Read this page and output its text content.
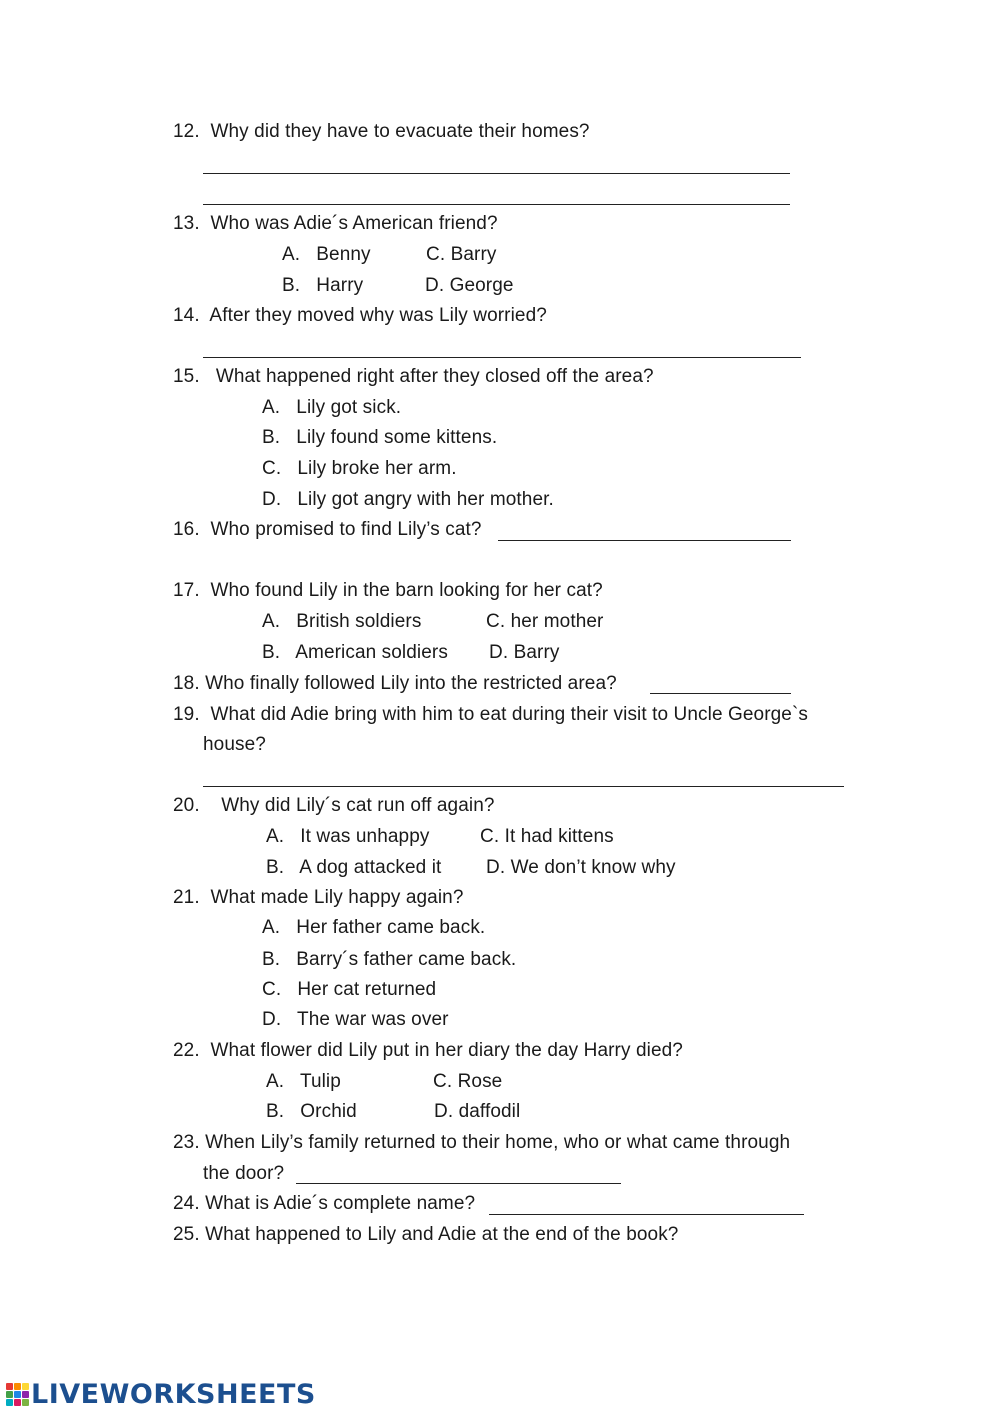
12.  Why did they have to evacuate their homes?
13.  Who was Adie´s American friend?
A.   Benny	C. Barry
B.   Harry	D. George
14.  After they moved why was Lily worried?
15.   What happened right after they closed off the area?
A.   Lily got sick.
B.   Lily found some kittens.
C.   Lily broke her arm.
D.   Lily got angry with her mother.
16.  Who promised to find Lily’s cat?
17.  Who found Lily in the barn looking for her cat?
A.   British soldiers	C. her mother
B.   American soldiers D. Barry
18. Who finally followed Lily into the restricted area?
19.  What did Adie bring with him to eat during their visit to Uncle George`s
house?
20.    Why did Lily´s cat run off again?
A.   It was unhappy	C. It had kittens
B.   A dog attacked it D. We don’t know why
21.  What made Lily happy again?
A.   Her father came back.
B.   Barry´s father came back.
C.   Her cat returned
D.   The war was over
22.  What flower did Lily put in her diary the day Harry died?
A.   Tulip	C. Rose
B.   Orchid	D. daffodil
23. When Lily’s family returned to their home, who or what came through
the door?
24. What is Adie´s complete name?
25. What happened to Lily and Adie at the end of the book?
LIVEWORKSHEETS
